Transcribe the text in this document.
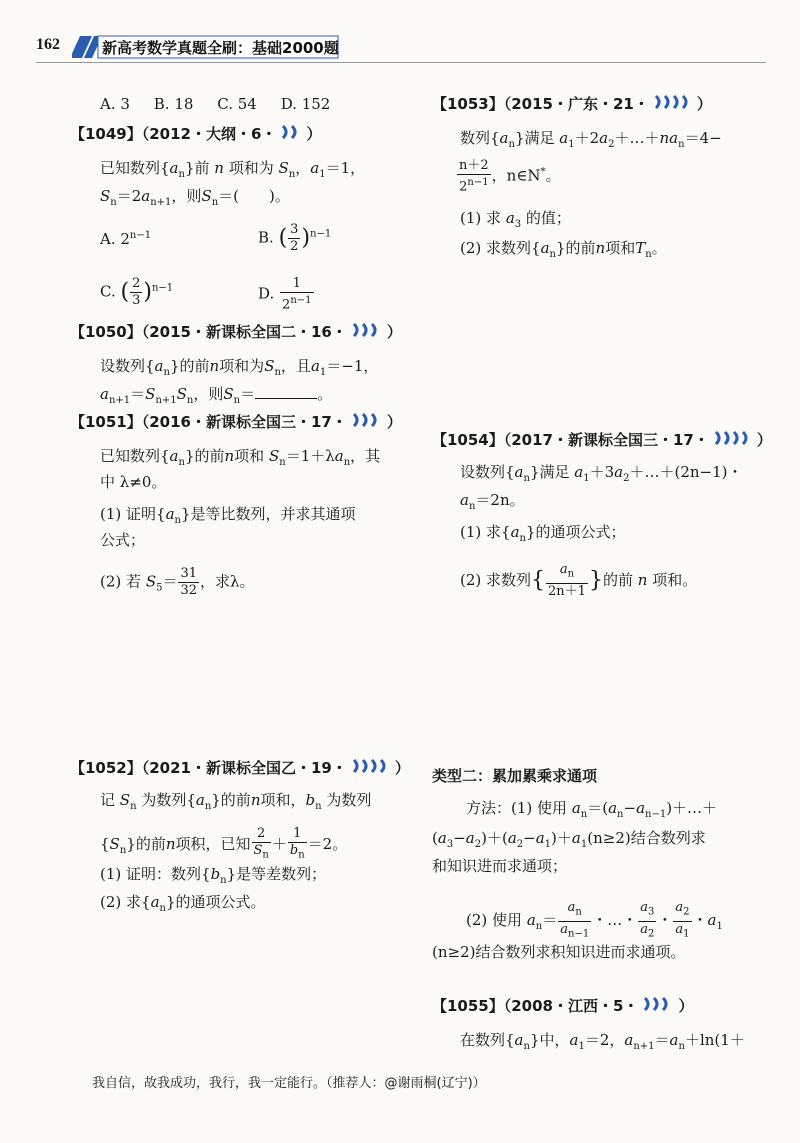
162	新高考数学真题全刷：基础2000题
A. 3 B. 18 C. 54 D. 152
【1049】（2012・大纲・6・ ）
已知数列$\{a_n\}$前 n 项和为 $S_n$，$a_1=1$，
$S_n=2a_{n+1}$，则$S_n=$(　　)。
A. $2^{n-1}$	B. ( $\frac{3}{2} )^{n-1}$
C. ( $\frac{2}{3} )^{n-1}$	D. $\frac{1}{2^{n-1}}$
【1050】（2015・新课标全国二・16・	）
设数列$\{a_n\}$的前n项和为$S_n$，且$a_1=-1$，
$a_{n+1}=S_{n+1}S_n$，则$S_n=$	。
【1051】（2016・新课标全国三・17・	）
已知数列$\{a_n\}$的前n项和 $S_n=1+\lambda a_n$，其
中 λ≠0。
(1) 证明$\{a_n\}$是等比数列，并求其通项
公式；
(2) 若 $S_5= \frac{31}{32}$ ，求λ。
【1052】（2021・新课标全国乙・19・	）
记 $S_n$ 为数列$\{a_n\}$的前n项和，$b_n$ 为数列
$\{S_n\}$的前n项积，已知 $\frac{2}{S_n} + \frac{1}{b_n} =2$。
(1) 证明：数列$\{b_n\}$是等差数列；
(2) 求$\{a_n\}$的通项公式。
【1053】（2015・广东・21・	）
数列$\{a_n\}$满足 $a_1+2a_2+\dots+na_n=4-$
$\frac{n+2}{2^{n-1}}$ ，n∈N*。
(1) 求 $a_3$ 的值；
(2) 求数列$\{a_n\}$的前n项和$T_n$。
【1054】（2017・新课标全国三・17・	）
设数列$\{a_n\}$满足 $a_1+3a_2+\dots+(2n-1)$・
$a_n=2n$。
(1) 求$\{a_n\}$的通项公式；
(2) 求数列{ $\frac{a_n}{2n+1}$ }的前 n 项和。
类型二：累加累乘求通项
方法：(1) 使用 $a_n=(a_n-a_{n-1})+\dots+$
$(a_3-a_2)+(a_2-a_1)+a_1(n\ge 2)$结合数列求
和知识进而求通项；
(2) 使用 $a_n= \frac{a_n}{a_{n-1}}$ ・…・ $\frac{a_3}{a_2}$ ・ $\frac{a_2}{a_1}$ ・$a_1$
(n≥2)结合数列求积知识进而求通项。
【1055】（2008・江西・5・	）
在数列$\{a_n\}$中，$a_1=2$，$a_{n+1}=a_n+\ln(1+$
我自信，故我成功，我行，我一定能行。（推荐人：@谢雨桐(辽宁)）
